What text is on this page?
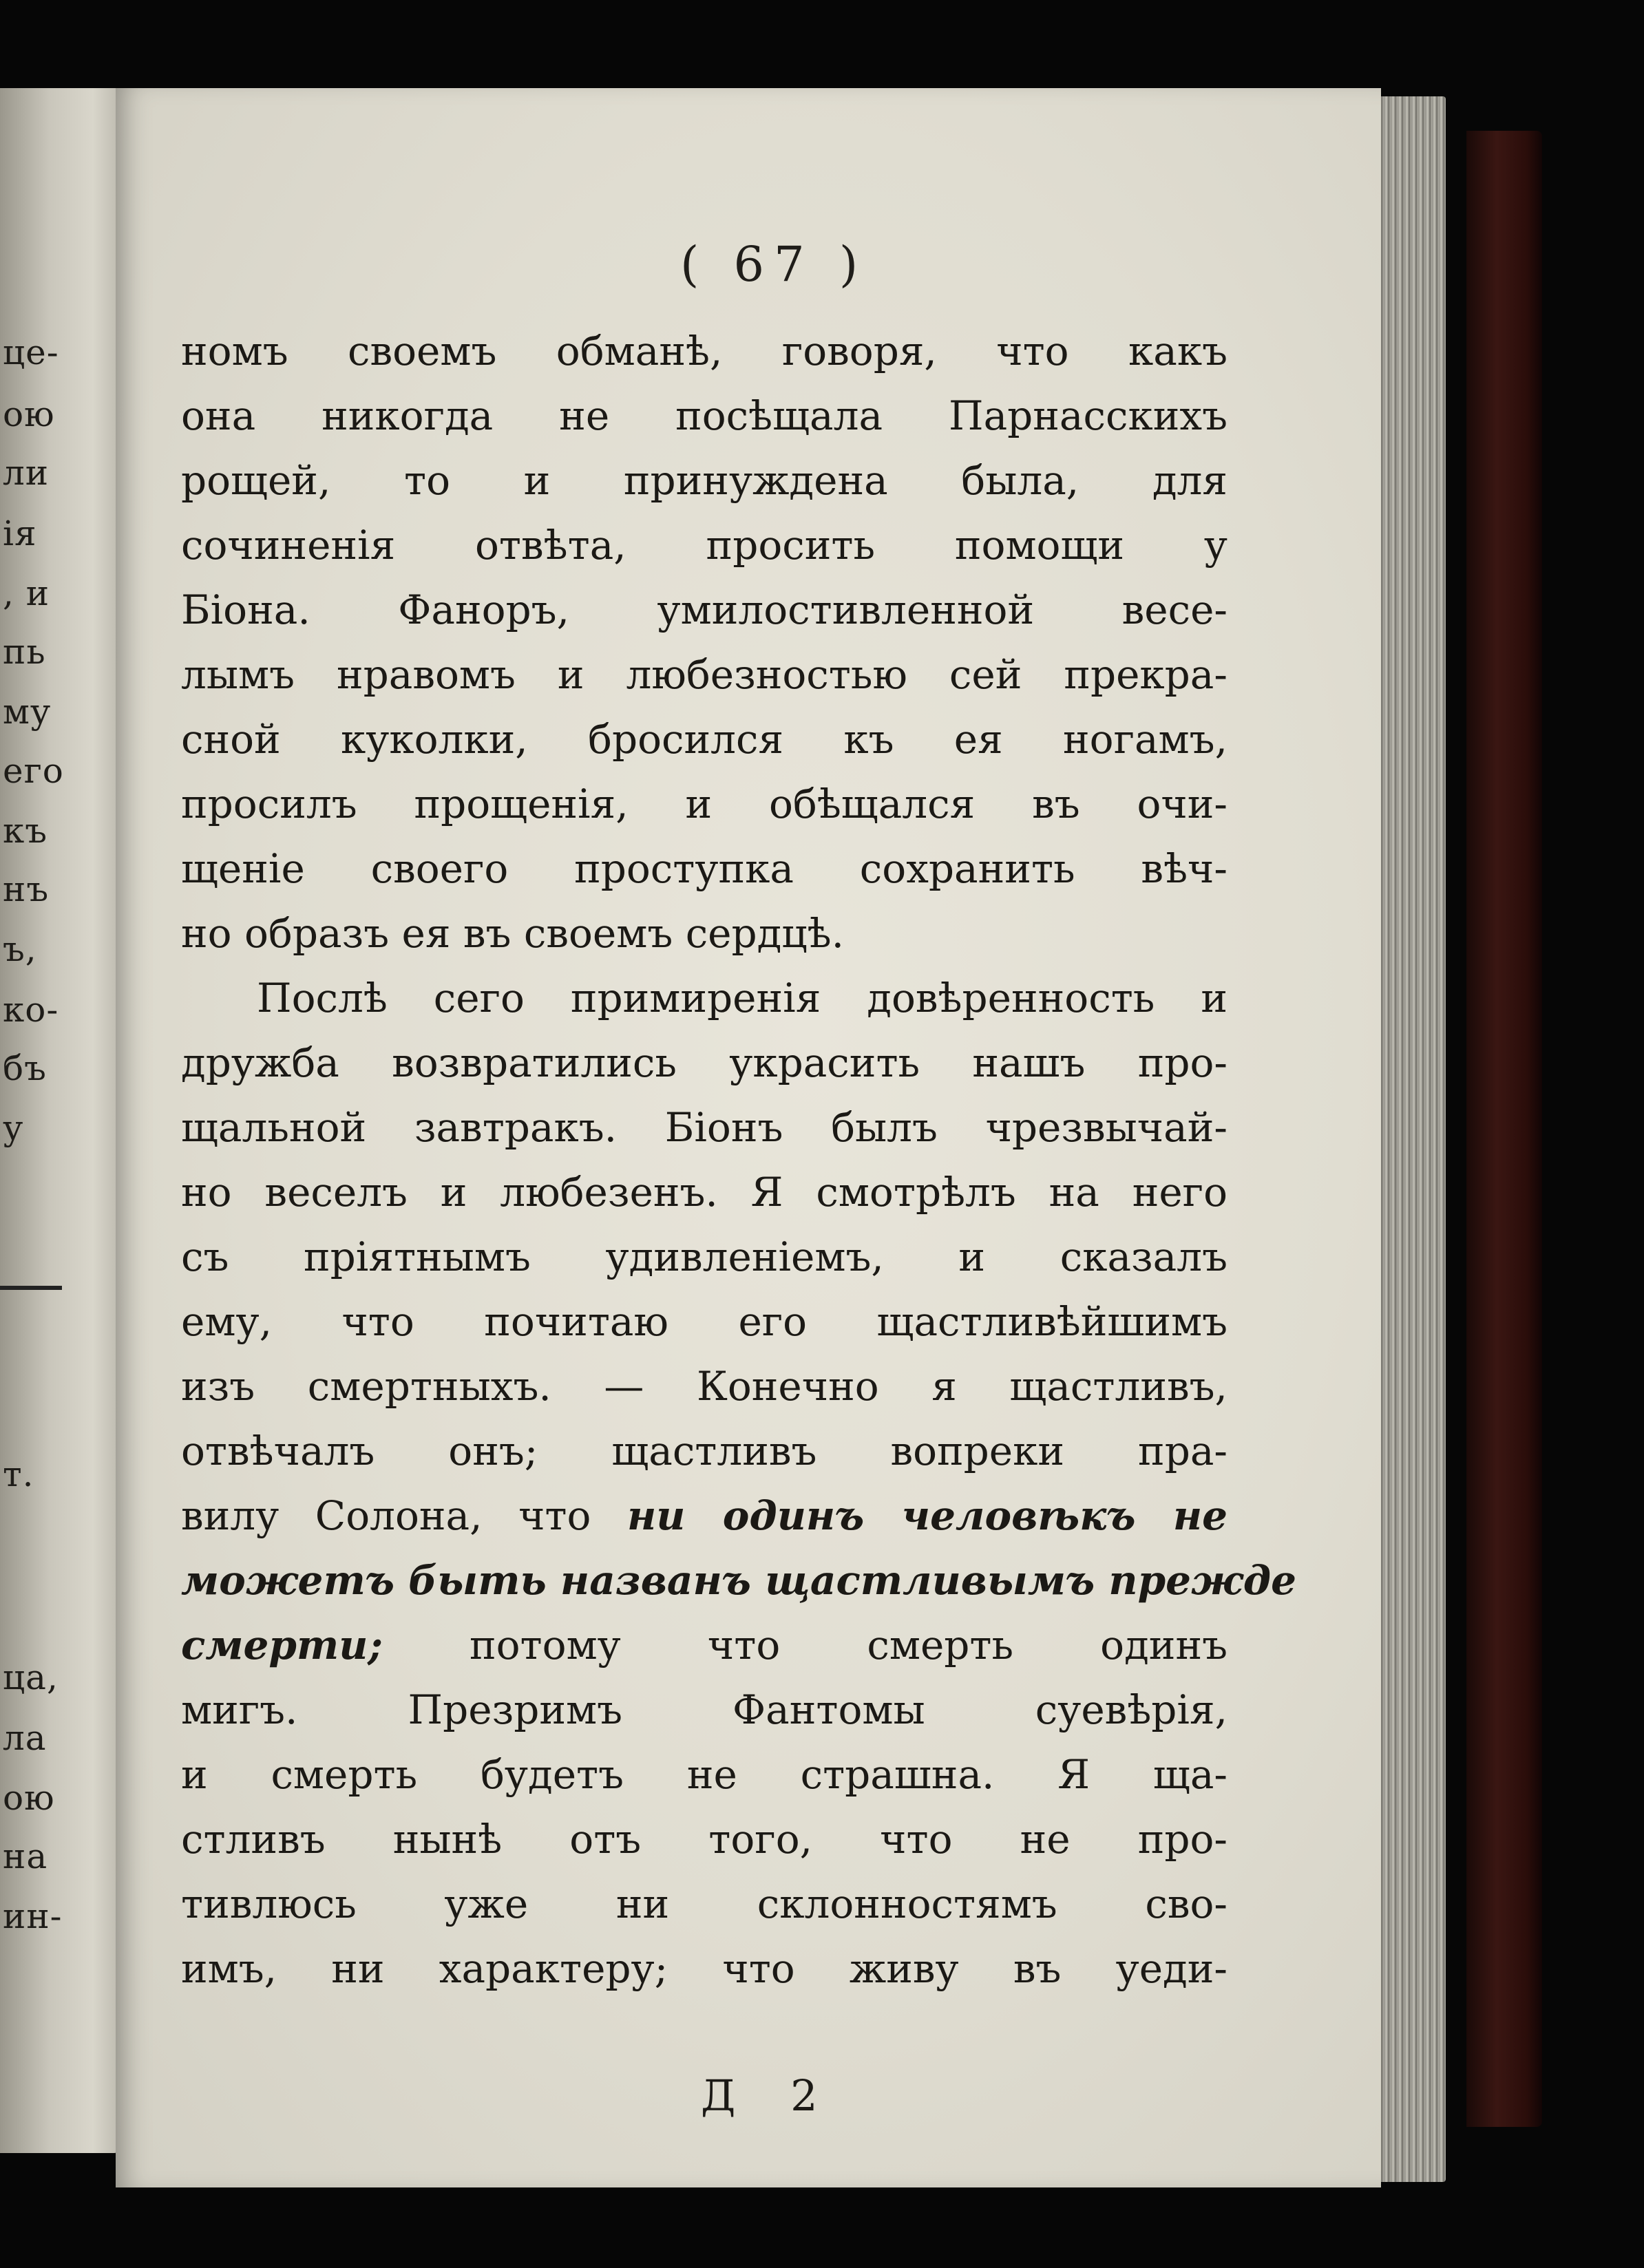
це-
ою
ли
ія
, и
пь
му
его
къ
нъ
ъ,
ко-
бъ
у
т.
ца,
ла
ою
на
ин-
( 67 )
номъ своемъ обманѣ, говоря, что какъ
она никогда не посѣщала Парнасскихъ
рощей, то и принуждена была, для
сочиненія отвѣта, просить помощи у
Біона. Фаноръ, умилостивленной весе-
лымъ нравомъ и любезностью сей прекра-
сной куколки, бросился къ ея ногамъ,
просилъ прощенія, и обѣщался въ очи-
щеніе своего проступка сохранить вѣч-
но образъ ея въ своемъ сердцѣ.
Послѣ сего примиренія довѣренность и
дружба возвратились украсить нашъ про-
щальной завтракъ. Біонъ былъ чрезвычай-
но веселъ и любезенъ. Я смотрѣлъ на него
съ пріятнымъ удивленіемъ, и сказалъ
ему, что почитаю его щастливѣйшимъ
изъ смертныхъ. — Конечно я щастливъ,
отвѣчалъ онъ; щастливъ вопреки пра-
вилу Солона, что ни одинъ человѣкъ не
можетъ быть названъ щастливымъ прежде
смерти; потому что смерть одинъ
мигъ. Презримъ Фантомы суевѣрія,
и смерть будетъ не страшна. Я ща-
стливъ нынѣ отъ того, что не про-
тивлюсь уже ни склонностямъ сво-
имъ, ни характеру; что живу въ уеди-
Д 2
